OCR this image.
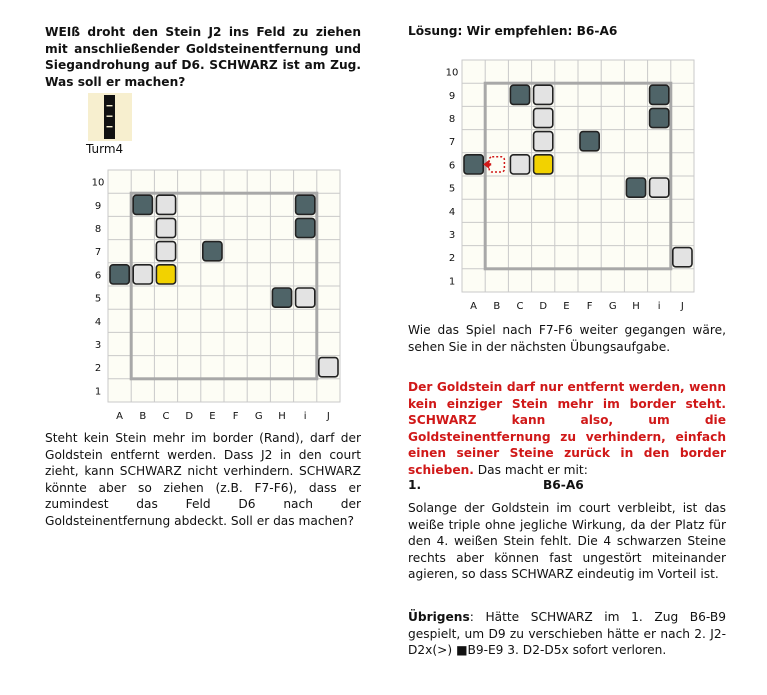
WEIß droht den Stein J2 ins Feld zu ziehen mit anschließender Goldsteinentfernung und Siegandrohung auf D6. SCHWARZ ist am Zug. Was soll er machen?
Turm4
10
9
8
7
6
5
4
3
2
1
A B C D E F G H i J
Steht kein Stein mehr im border (Rand), darf der Goldstein entfernt werden. Dass J2 in den court zieht, kann SCHWARZ nicht verhindern. SCHWARZ könnte aber so ziehen (z.B. F7-F6), dass er zumindest das Feld D6 nach der Goldsteinentfernung abdeckt. Soll er das machen?
Lösung: Wir empfehlen: B6-A6
10
9
8
7
6
5
4
3
2
1
A B C D E F G H i J
Wie das Spiel nach F7-F6 weiter gegangen wäre, sehen Sie in der nächsten Übungsaufgabe.
Der Goldstein darf nur entfernt werden, wenn kein einziger Stein mehr im border steht. SCHWARZ kann also, um die Goldsteinentfernung zu verhindern, einfach einen seiner Steine zurück in den border schieben. Das macht er mit:
1.	B6-A6
Solange der Goldstein im court verbleibt, ist das weiße triple ohne jegliche Wirkung, da der Platz für den 4. weißen Stein fehlt. Die 4 schwarzen Steine rechts aber können fast ungestört miteinander agieren, so dass SCHWARZ eindeutig im Vorteil ist.
Übrigens: Hätte SCHWARZ im 1. Zug B6-B9 gespielt, um D9 zu verschieben hätte er nach 2. J2-D2x(>) ■B9-E9 3. D2-D5x sofort verloren.
